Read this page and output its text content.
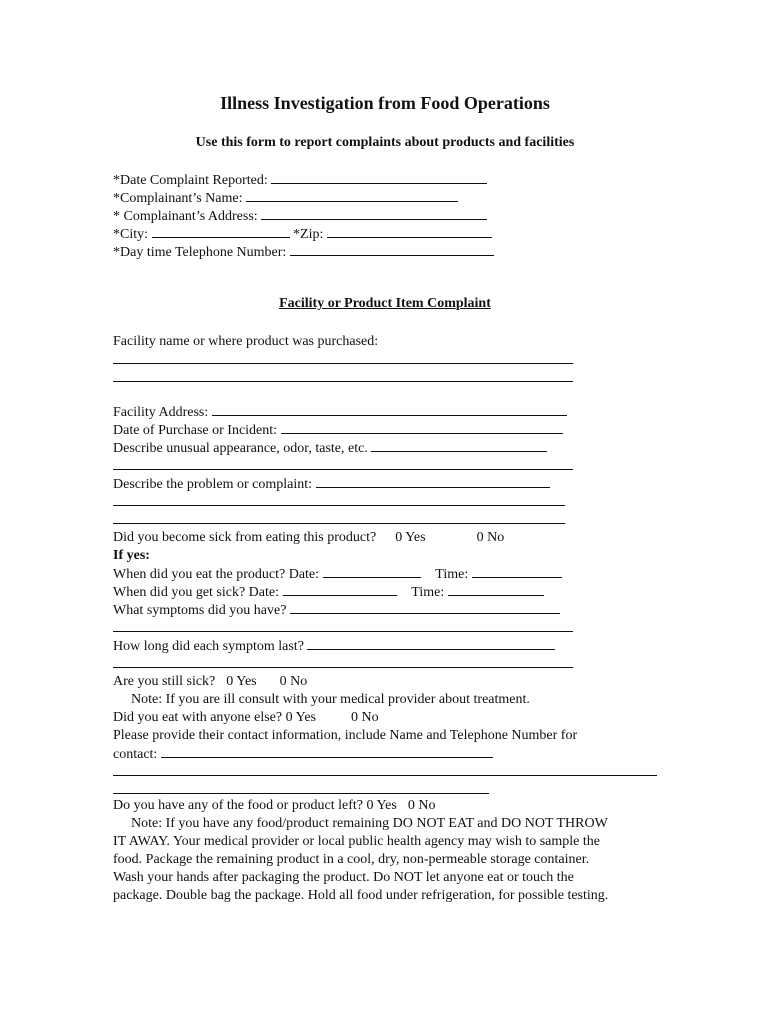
Illness Investigation from Food Operations
Use this form to report complaints about products and facilities
*Date Complaint Reported:
*Complainant’s Name:
* Complainant’s Address:
*City:	*Zip:
*Day time Telephone Number:
Facility or Product Item Complaint
Facility name or where product was purchased:
Facility Address:
Date of Purchase or Incident:
Describe unusual appearance, odor, taste, etc.
Describe the problem or complaint:
Did you become sick from eating this product? 0 Yes	0 No
If yes:
When did you eat the product? Date:	Time:
When did you get sick? Date:	Time:
What symptoms did you have?
How long did each symptom last?
Are you still sick? 0 Yes 0 No
Note: If you are ill consult with your medical provider about treatment.
Did you eat with anyone else? 0 Yes	0 No
Please provide their contact information, include Name and Telephone Number for
contact:
Do you have any of the food or product left? 0 Yes 0 No
Note: If you have any food/product remaining DO NOT EAT and DO NOT THROW
IT AWAY. Your medical provider or local public health agency may wish to sample the
food. Package the remaining product in a cool, dry, non-permeable storage container.
Wash your hands after packaging the product. Do NOT let anyone eat or touch the
package. Double bag the package. Hold all food under refrigeration, for possible testing.
